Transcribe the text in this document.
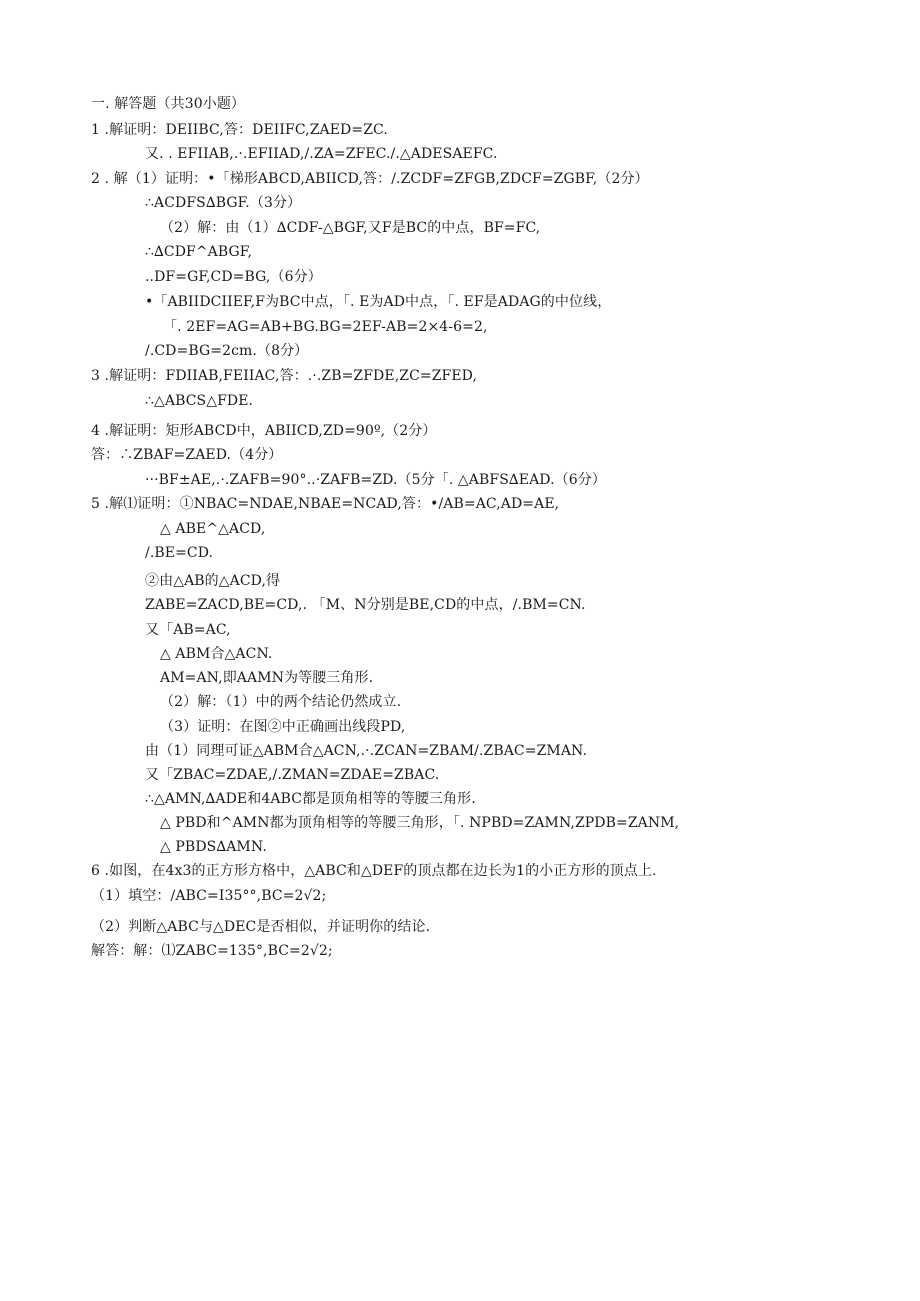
一. 解答题（共30小题）
1 .解证明：DEIIBC,答：DEIIFC,ZAED=ZC.
又. . EFIIAB,.·.EFIIAD,/.ZA=ZFEC./.△ADESAEFC.
2 . 解（1）证明：•「梯形ABCD,ABIICD,答：/.ZCDF=ZFGB,ZDCF=ZGBF,（2分）
∴ACDFS∆BGF.（3分）
（2）解：由（1）∆CDF-△BGF,又F是BC的中点，BF=FC,
∴∆CDF^ABGF,
..DF=GF,CD=BG,（6分）
•「ABIIDCIIEF,F为BC中点，「. E为AD中点，「. EF是ADAG的中位线，
「. 2EF=AG=AB+BG.BG=2EF-AB=2×4-6=2,
/.CD=BG=2cm.（8分）
3 .解证明：FDIIAB,FEIIAC,答：.·.ZB=ZFDE,ZC=ZFED,
∴△ABCS△FDE.
4 .解证明：矩形ABCD中，ABIICD,ZD=90º,（2分）
答：∴ZBAF=ZAED.（4分）
···BF±AE,.·.ZAFB=90°..·ZAFB=ZD.（5分「. △ABFS∆EAD.（6分）
5 .解⑴证明：①NBAC=NDAE,NBAE=NCAD,答：•/AB=AC,AD=AE,
△ ABE^△ACD,
/.BE=CD.
②由△AB的△ACD,得
ZABE=ZACD,BE=CD,. 「M、N分别是BE,CD的中点，/.BM=CN.
又「AB=AC,
△ ABM合△ACN.
AM=AN,即AAMN为等腰三角形.
（2）解：（1）中的两个结论仍然成立.
（3）证明：在图②中正确画出线段PD,
由（1）同理可证△ABM合△ACN,.·.ZCAN=ZBAM/.ZBAC=ZMAN.
又「ZBAC=ZDAE,/.ZMAN=ZDAE=ZBAC.
∴△AMN,∆ADE和4ABC都是顶角相等的等腰三角形.
△ PBD和^AMN都为顶角相等的等腰三角形，「. NPBD=ZAMN,ZPDB=ZANM,
△ PBDS∆AMN.
6 .如图，在4x3的正方形方格中，△ABC和△DEF的顶点都在边长为1的小正方形的顶点上.
（1）填空：/ABC=I35°°,BC=2√2;
（2）判断△ABC与△DEC是否相似，并证明你的结论.
解答：解：⑴ZABC=135°,BC=2√2;
